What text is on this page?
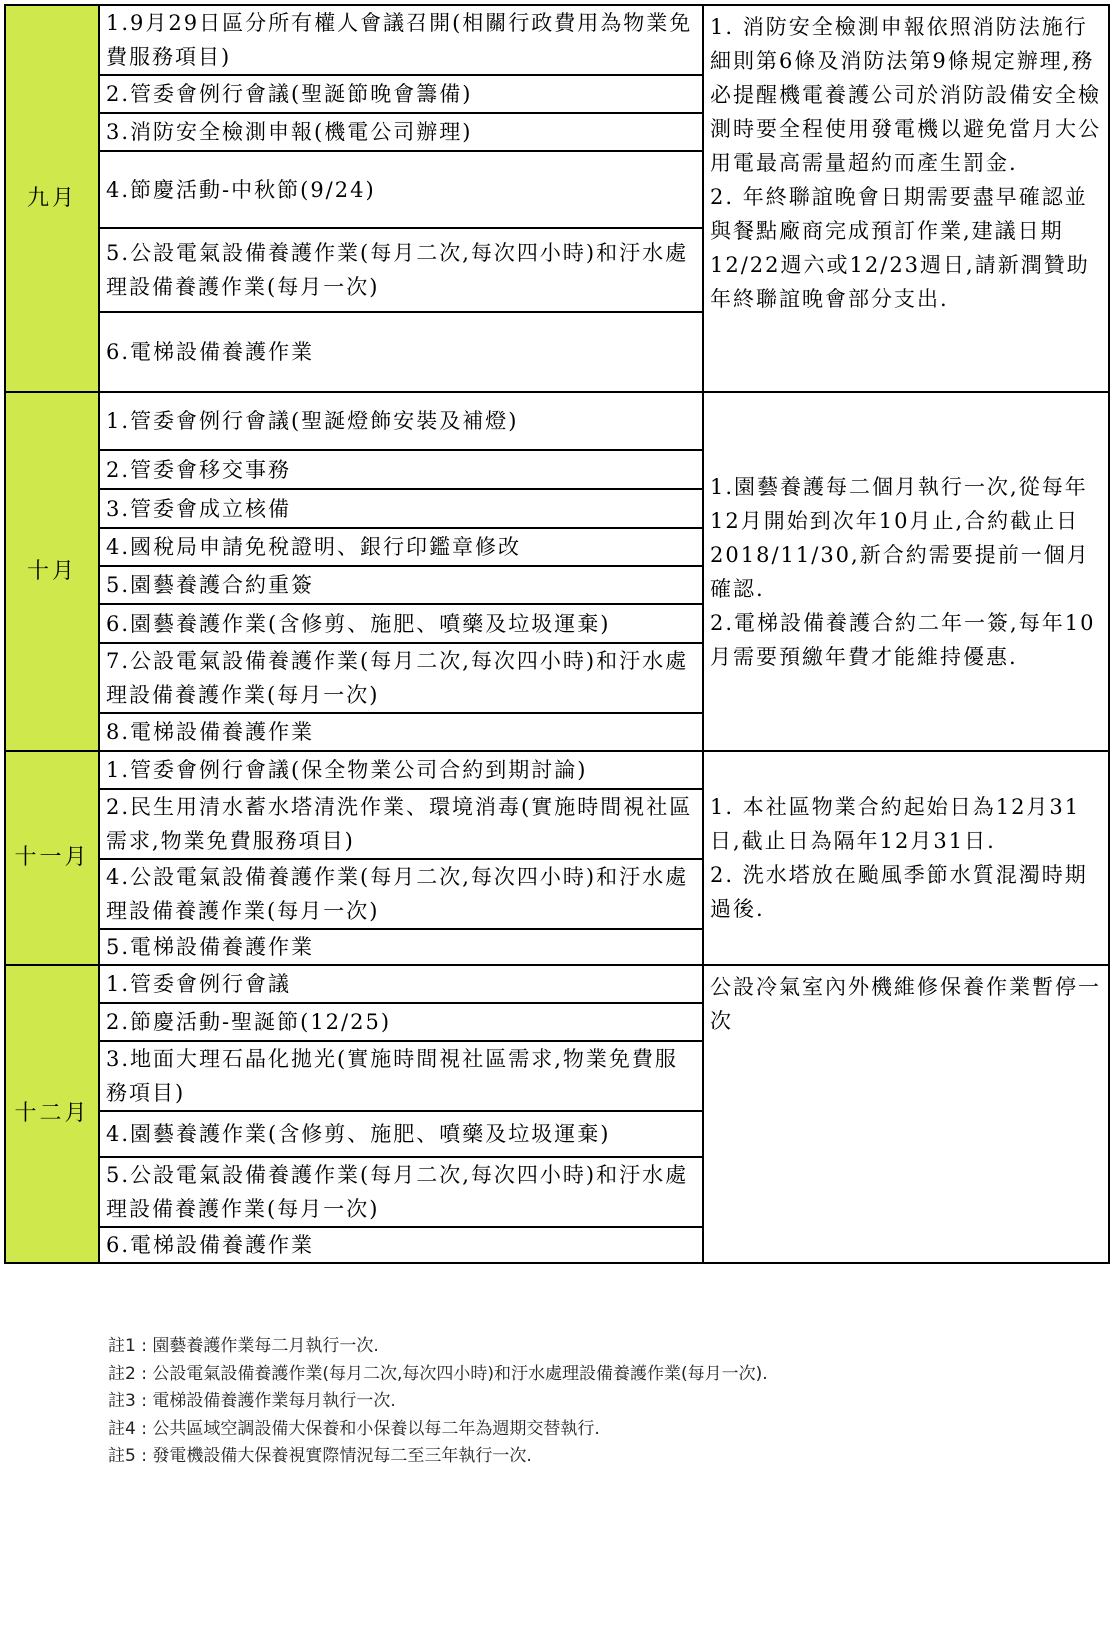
九月	1.9月29日區分所有權人會議召開(相關行政費用為物業免費服務項目)	1. 消防安全檢測申報依照消防法施行細則第6條及消防法第9條規定辦理,務必提醒機電養護公司於消防設備安全檢測時要全程使用發電機以避免當月大公用電最高需量超約而產生罰金.
2. 年終聯誼晚會日期需要盡早確認並與餐點廠商完成預訂作業,建議日期12/22週六或12/23週日,請新潤贊助年終聯誼晚會部分支出.

	2.管委會例行會議(聖誕節晚會籌備)	
	3.消防安全檢測申報(機電公司辦理)	
	4.節慶活動-中秋節(9/24)	
	5.公設電氣設備養護作業(每月二次,每次四小時)和汙水處理設備養護作業(每月一次)	
	6.電梯設備養護作業	
十月	1.管委會例行會議(聖誕燈飾安裝及補燈)	1.園藝養護每二個月執行一次,從每年12月開始到次年10月止,合約截止日2018/11/30,新合約需要提前一個月確認.
2.電梯設備養護合約二年一簽,每年10月需要預繳年費才能維持優惠.

	2.管委會移交事務	
	3.管委會成立核備	
	4.國稅局申請免稅證明、銀行印鑑章修改	
	5.園藝養護合約重簽	
	6.園藝養護作業(含修剪、施肥、噴藥及垃圾運棄)	
	7.公設電氣設備養護作業(每月二次,每次四小時)和汙水處理設備養護作業(每月一次)	
	8.電梯設備養護作業	
十一月	1.管委會例行會議(保全物業公司合約到期討論)	1. 本社區物業合約起始日為12月31日,截止日為隔年12月31日.
2. 洗水塔放在颱風季節水質混濁時期過後.

	2.民生用清水蓄水塔清洗作業、環境消毒(實施時間視社區需求,物業免費服務項目)	
	4.公設電氣設備養護作業(每月二次,每次四小時)和汙水處理設備養護作業(每月一次)	
	5.電梯設備養護作業	
十二月	1.管委會例行會議	公設冷氣室內外機維修保養作業暫停一次

	2.節慶活動-聖誕節(12/25)	
	3.地面大理石晶化拋光(實施時間視社區需求,物業免費服務項目)	
	4.園藝養護作業(含修剪、施肥、噴藥及垃圾運棄)	
	5.公設電氣設備養護作業(每月二次,每次四小時)和汙水處理設備養護作業(每月一次)	
	6.電梯設備養護作業	
註1 : 園藝養護作業每二月執行一次.
註2 : 公設電氣設備養護作業(每月二次,每次四小時)和汙水處理設備養護作業(每月一次).
註3 : 電梯設備養護作業每月執行一次.
註4 : 公共區域空調設備大保養和小保養以每二年為週期交替執行.
註5 : 發電機設備大保養視實際情況每二至三年執行一次.
